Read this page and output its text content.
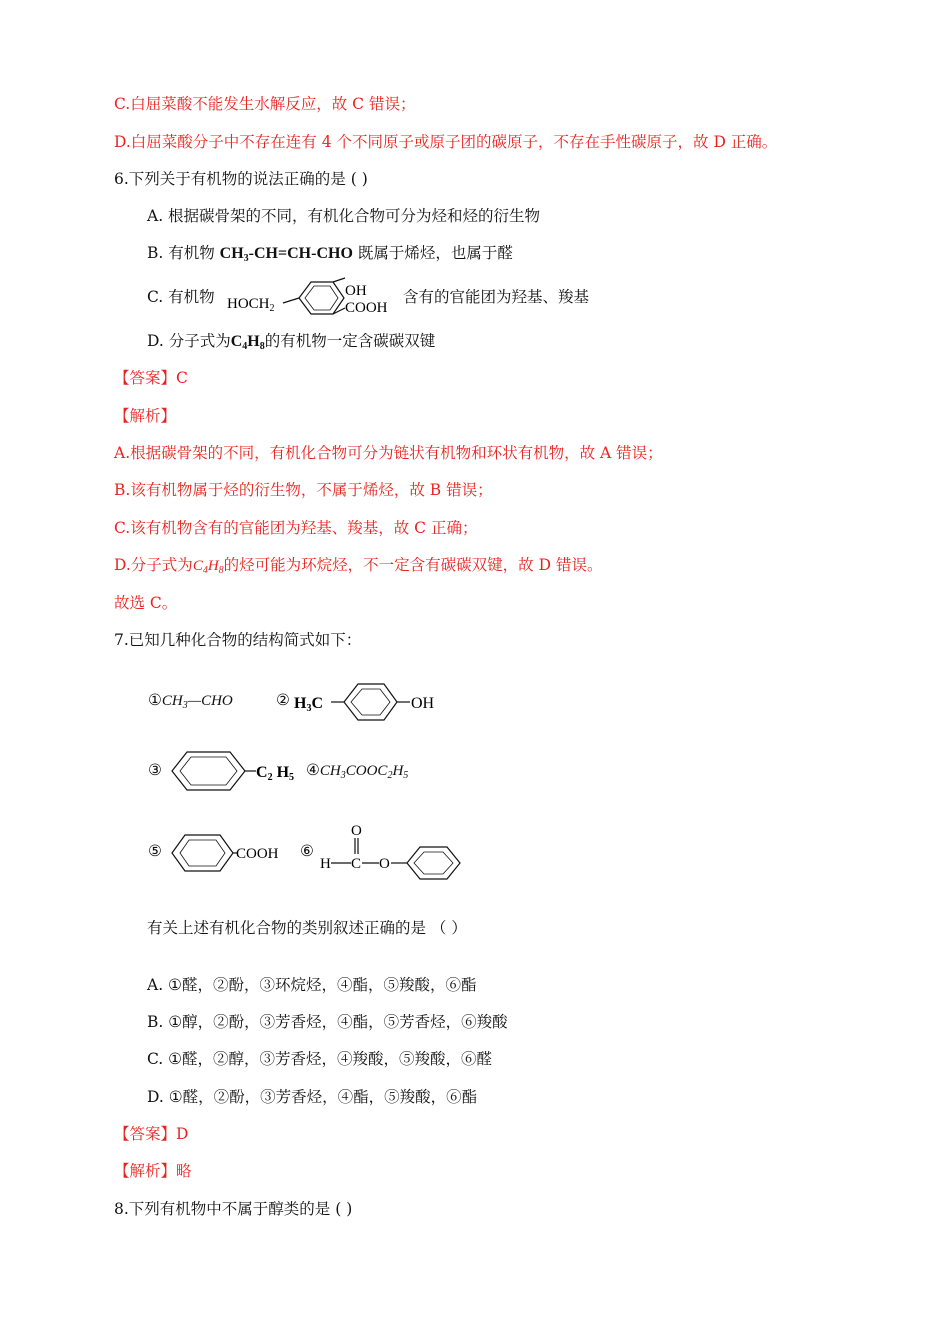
C.白屈菜酸不能发生水解反应，故 C 错误；
D.白屈菜酸分子中不存在连有 4 个不同原子或原子团的碳原子，不存在手性碳原子，故 D 正确。
6.下列关于有机物的说法正确的是 ( )
A. 根据碳骨架的不同，有机化合物可分为烃和烃的衍生物
B. 有机物 $CH_3-CH=CH$-CHO 既属于烯烃，也属于醛
C. 有机物 $HOCH_2$
OH
COOH
含有的官能团为羟基、羧基
D. 分子式为$C_4H_8$的有机物一定含碳碳双键
【答案】C
【解析】
A.根据碳骨架的不同，有机化合物可分为链状有机物和环状有机物，故 A 错误；
B.该有机物属于烃的衍生物，不属于烯烃，故 B 错误；
C.该有机物含有的官能团为羟基、羧基，故 C 正确；
D.分子式为$C_4H_8$的烃可能为环烷烃，不一定含有碳碳双键，故 D 错误。
故选 C。
7.已知几种化合物的结构简式如下：
$①CH_3—CHO$	② H3C	OH
③	C2 H5 $④CH_3COOC_2H_5$
⑤	COOH ⑥
O
H C O
有关上述有机化合物的类别叙述正确的是 （ ）
A. ①醛，②酚，③环烷烃，④酯，⑤羧酸，⑥酯
B. ①醇，②酚，③芳香烃，④酯，⑤芳香烃，⑥羧酸
C. ①醛，②醇，③芳香烃，④羧酸，⑤羧酸，⑥醛
D. ①醛，②酚，③芳香烃，④酯，⑤羧酸，⑥酯
【答案】D
【解析】略
8.下列有机物中不属于醇类的是 ( )
